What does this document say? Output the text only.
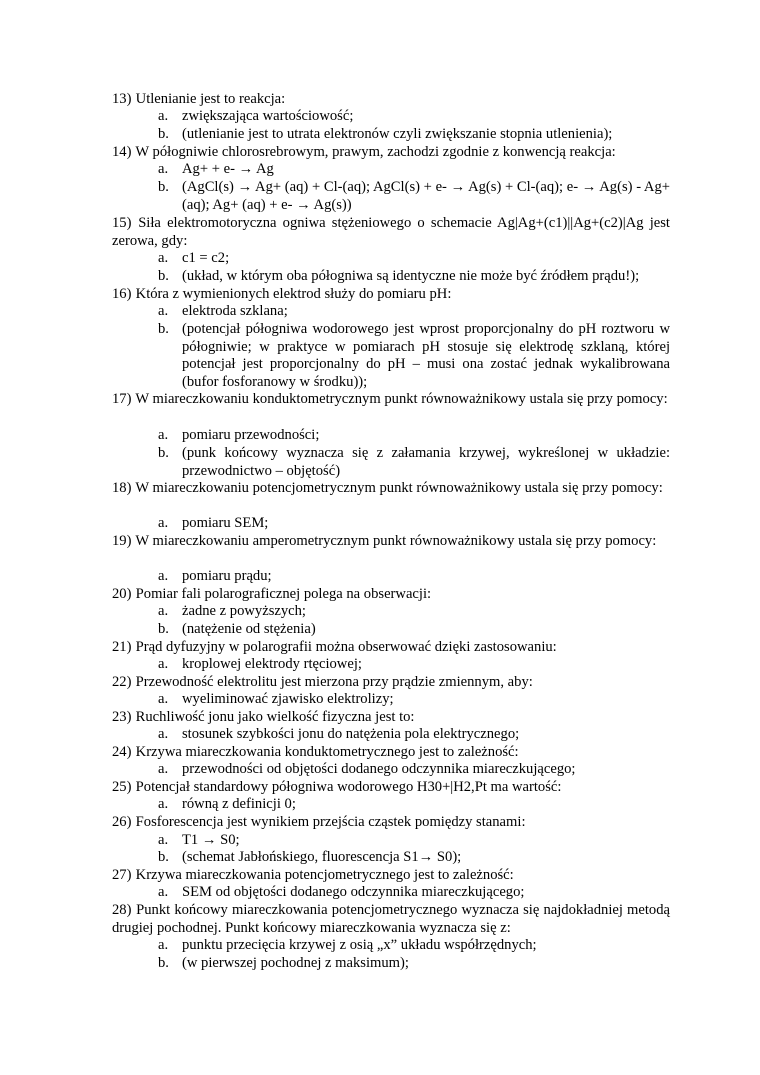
13) Utlenianie jest to reakcja:
a. zwiększająca wartościowość;
b. (utlenianie jest to utrata elektronów czyli zwiększanie stopnia utlenienia);
14) W półogniwie chlorosrebrowym, prawym, zachodzi zgodnie z konwencją reakcja:
a. Ag+ + e- → Ag
b. (AgCl(s) → Ag+ (aq) + Cl-(aq); AgCl(s) + e- → Ag(s) + Cl-(aq); e- → Ag(s) - Ag+ (aq); Ag+ (aq) + e- → Ag(s))
15) Siła elektromotoryczna ogniwa stężeniowego o schemacie Ag|Ag+(c1)||Ag+(c2)|Ag jest zerowa, gdy:
a. c1 = c2;
b. (układ, w którym oba półogniwa są identyczne nie może być źródłem prądu!);
16) Która z wymienionych elektrod służy do pomiaru pH:
a. elektroda szklana;
b. (potencjał półogniwa wodorowego jest wprost proporcjonalny do pH roztworu w półogniwie; w praktyce w pomiarach pH stosuje się elektrodę szklaną, której potencjał jest proporcjonalny do pH – musi ona zostać jednak wykalibrowana (bufor fosforanowy w środku));
17) W miareczkowaniu konduktometrycznym punkt równoważnikowy ustala się przy pomocy:
a. pomiaru przewodności;
b. (punk końcowy wyznacza się z załamania krzywej, wykreślonej w układzie: przewodnictwo – objętość)
18) W miareczkowaniu potencjometrycznym punkt równoważnikowy ustala się przy pomocy:
a. pomiaru SEM;
19) W miareczkowaniu amperometrycznym punkt równoważnikowy ustala się przy pomocy:
a. pomiaru prądu;
20) Pomiar fali polarograficznej polega na obserwacji:
a. żadne z powyższych;
b. (natężenie od stężenia)
21) Prąd dyfuzyjny w polarografii można obserwować dzięki zastosowaniu:
a. kroplowej elektrody rtęciowej;
22) Przewodność elektrolitu jest mierzona przy prądzie zmiennym, aby:
a. wyeliminować zjawisko elektrolizy;
23) Ruchliwość jonu jako wielkość fizyczna jest to:
a. stosunek szybkości jonu do natężenia pola elektrycznego;
24) Krzywa miareczkowania konduktometrycznego jest to zależność:
a. przewodności od objętości dodanego odczynnika miareczkującego;
25) Potencjał standardowy półogniwa wodorowego H30+|H2,Pt ma wartość:
a. równą z definicji 0;
26) Fosforescencja jest wynikiem przejścia cząstek pomiędzy stanami:
a. T1 → S0;
b. (schemat Jabłońskiego, fluorescencja S1→ S0);
27) Krzywa miareczkowania potencjometrycznego jest to zależność:
a. SEM od objętości dodanego odczynnika miareczkującego;
28) Punkt końcowy miareczkowania potencjometrycznego wyznacza się najdokładniej metodą drugiej pochodnej. Punkt końcowy miareczkowania wyznacza się z:
a. punktu przecięcia krzywej z osią „x” układu współrzędnych;
b. (w pierwszej pochodnej z maksimum);
